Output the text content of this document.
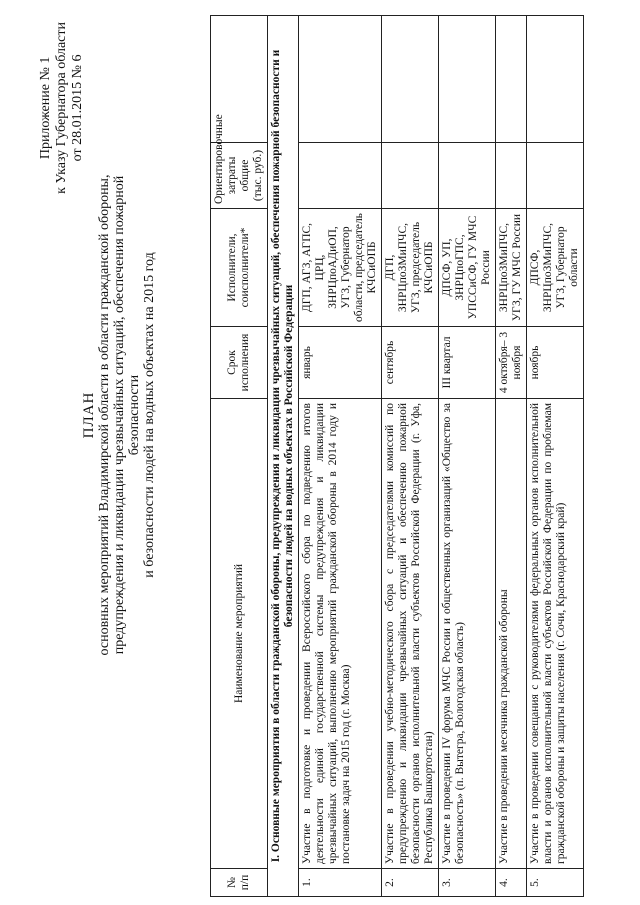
Приложение № 1 к Указу Губернатора области от 28.01.2015 № 6
ПЛАН основных мероприятий Владимирской области в области гражданской обороны, предупреждения и ликвидации чрезвычайных ситуаций, обеспечения пожарной безопасности и безопасности людей на водных объектах на 2015 год
№ п/п	Наименование мероприятий	Срок исполнения	Исполнители, соисполнители*	Ориентировочные затраты общие (тыс. руб.)	
I. Основные мероприятия в области гражданской обороны, предупреждения и ликвидации чрезвычайных ситуаций, обеспечения пожарной безопасности и безопасности людей на водных объектах в Российской Федерации					
1.	Участие в подготовке и проведении Всероссийского сбора по подведению итогов деятельности единой государственной системы предупреждения и ликвидации чрезвычайных ситуаций, выполнению мероприятий гражданской обороны в 2014 году и постановке задач на 2015 год (г. Москва)	январь	ДГП, АГЗ, АГПС, ЦРЦ, ЗНРЦпоАДиОП, УГЗ, Губернатор области, председатель КЧСиОПБ		
2.	Участие в проведении учебно-методического сбора с председателями комиссий по предупреждению и ликвидации чрезвычайных ситуаций и обеспечению пожарной безопасности органов исполнительной власти субъектов Российской Федерации (г. Уфа, Республика Башкортостан)	сентябрь	ДГП, ЗНРЦпоЗМиПЧС, УГЗ, председатель КЧСиОПБ		
3.	Участие в проведении IV форума МЧС России и общественных организаций «Общество за безопасность» (п. Вытегра, Вологодская область)	III квартал	ДПСФ, УП, ЗНРЦпоГПС, УПССиСФ, ГУ МЧС России		
4.	Участие в проведении месячника гражданской обороны	4 октября– 3 ноября	ЗНРЦпоЗМиПЧС, УГЗ, ГУ МЧС России		
5.	Участие в проведении совещания с руководителями федеральных органов исполнительной власти и органов исполнительной власти субъектов Российской Федерации по проблемам гражданской обороны и защиты населения (г. Сочи, Краснодарский край)	ноябрь	ДПСФ, ЗНРЦпоЗМиПЧС, УГЗ, Губернатор области		
